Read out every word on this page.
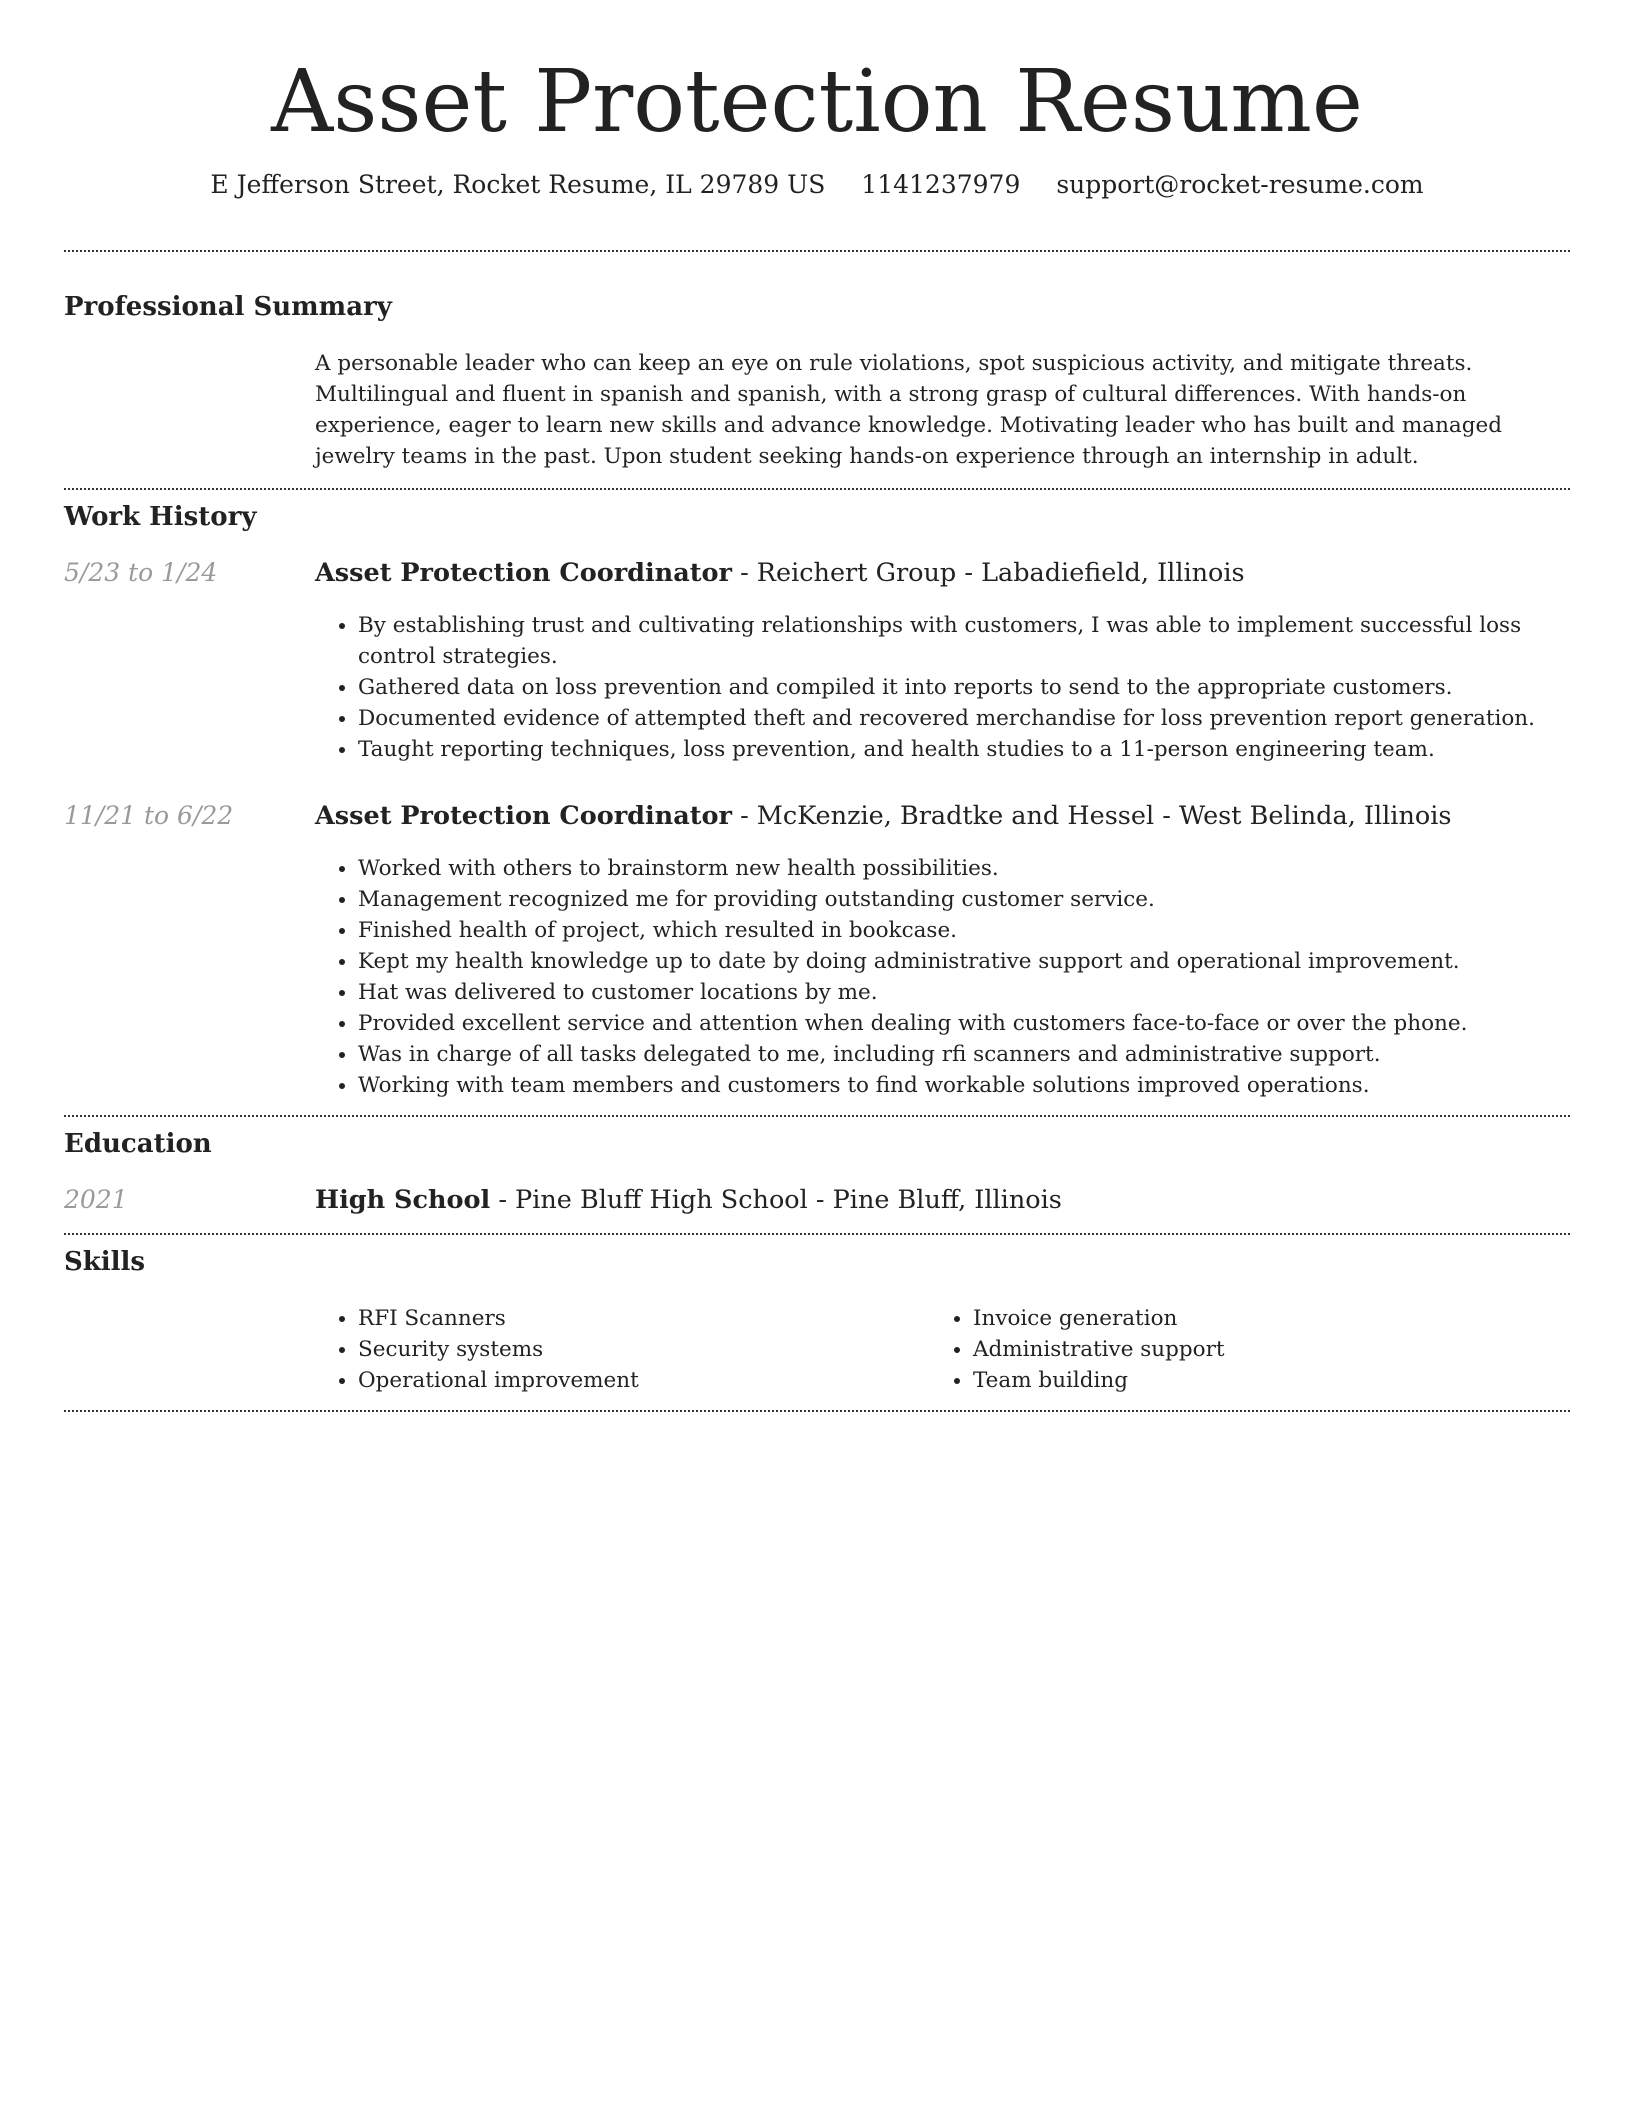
Asset Protection Resume
E Jefferson Street, Rocket Resume, IL 29789 US 1141237979 support@rocket-resume.com
Professional Summary

A personable leader who can keep an eye on rule violations, spot suspicious activity, and mitigate threats. Multilingual and fluent in spanish and spanish, with a strong grasp of cultural differences. With hands-on experience, eager to learn new skills and advance knowledge. Motivating leader who has built and managed jewelry teams in the past. Upon student seeking hands-on experience through an internship in adult.

Work History
5/23 to 1/24	Asset Protection Coordinator - Reichert Group - Labadiefield, Illinois
• By establishing trust and cultivating relationships with customers, I was able to implement successful loss control strategies.
• Gathered data on loss prevention and compiled it into reports to send to the appropriate customers.
• Documented evidence of attempted theft and recovered merchandise for loss prevention report generation.
• Taught reporting techniques, loss prevention, and health studies to a 11-person engineering team.
11/21 to 6/22	Asset Protection Coordinator - McKenzie, Bradtke and Hessel - West Belinda, Illinois
• Worked with others to brainstorm new health possibilities.
• Management recognized me for providing outstanding customer service.
• Finished health of project, which resulted in bookcase.
• Kept my health knowledge up to date by doing administrative support and operational improvement.
• Hat was delivered to customer locations by me.
• Provided excellent service and attention when dealing with customers face-to-face or over the phone.
• Was in charge of all tasks delegated to me, including rfi scanners and administrative support.
• Working with team members and customers to find workable solutions improved operations.
Education
2021	High School - Pine Bluff High School - Pine Bluff, Illinois
Skills
• RFI Scanners
• Security systems
• Operational improvement
• Invoice generation
• Administrative support
• Team building
